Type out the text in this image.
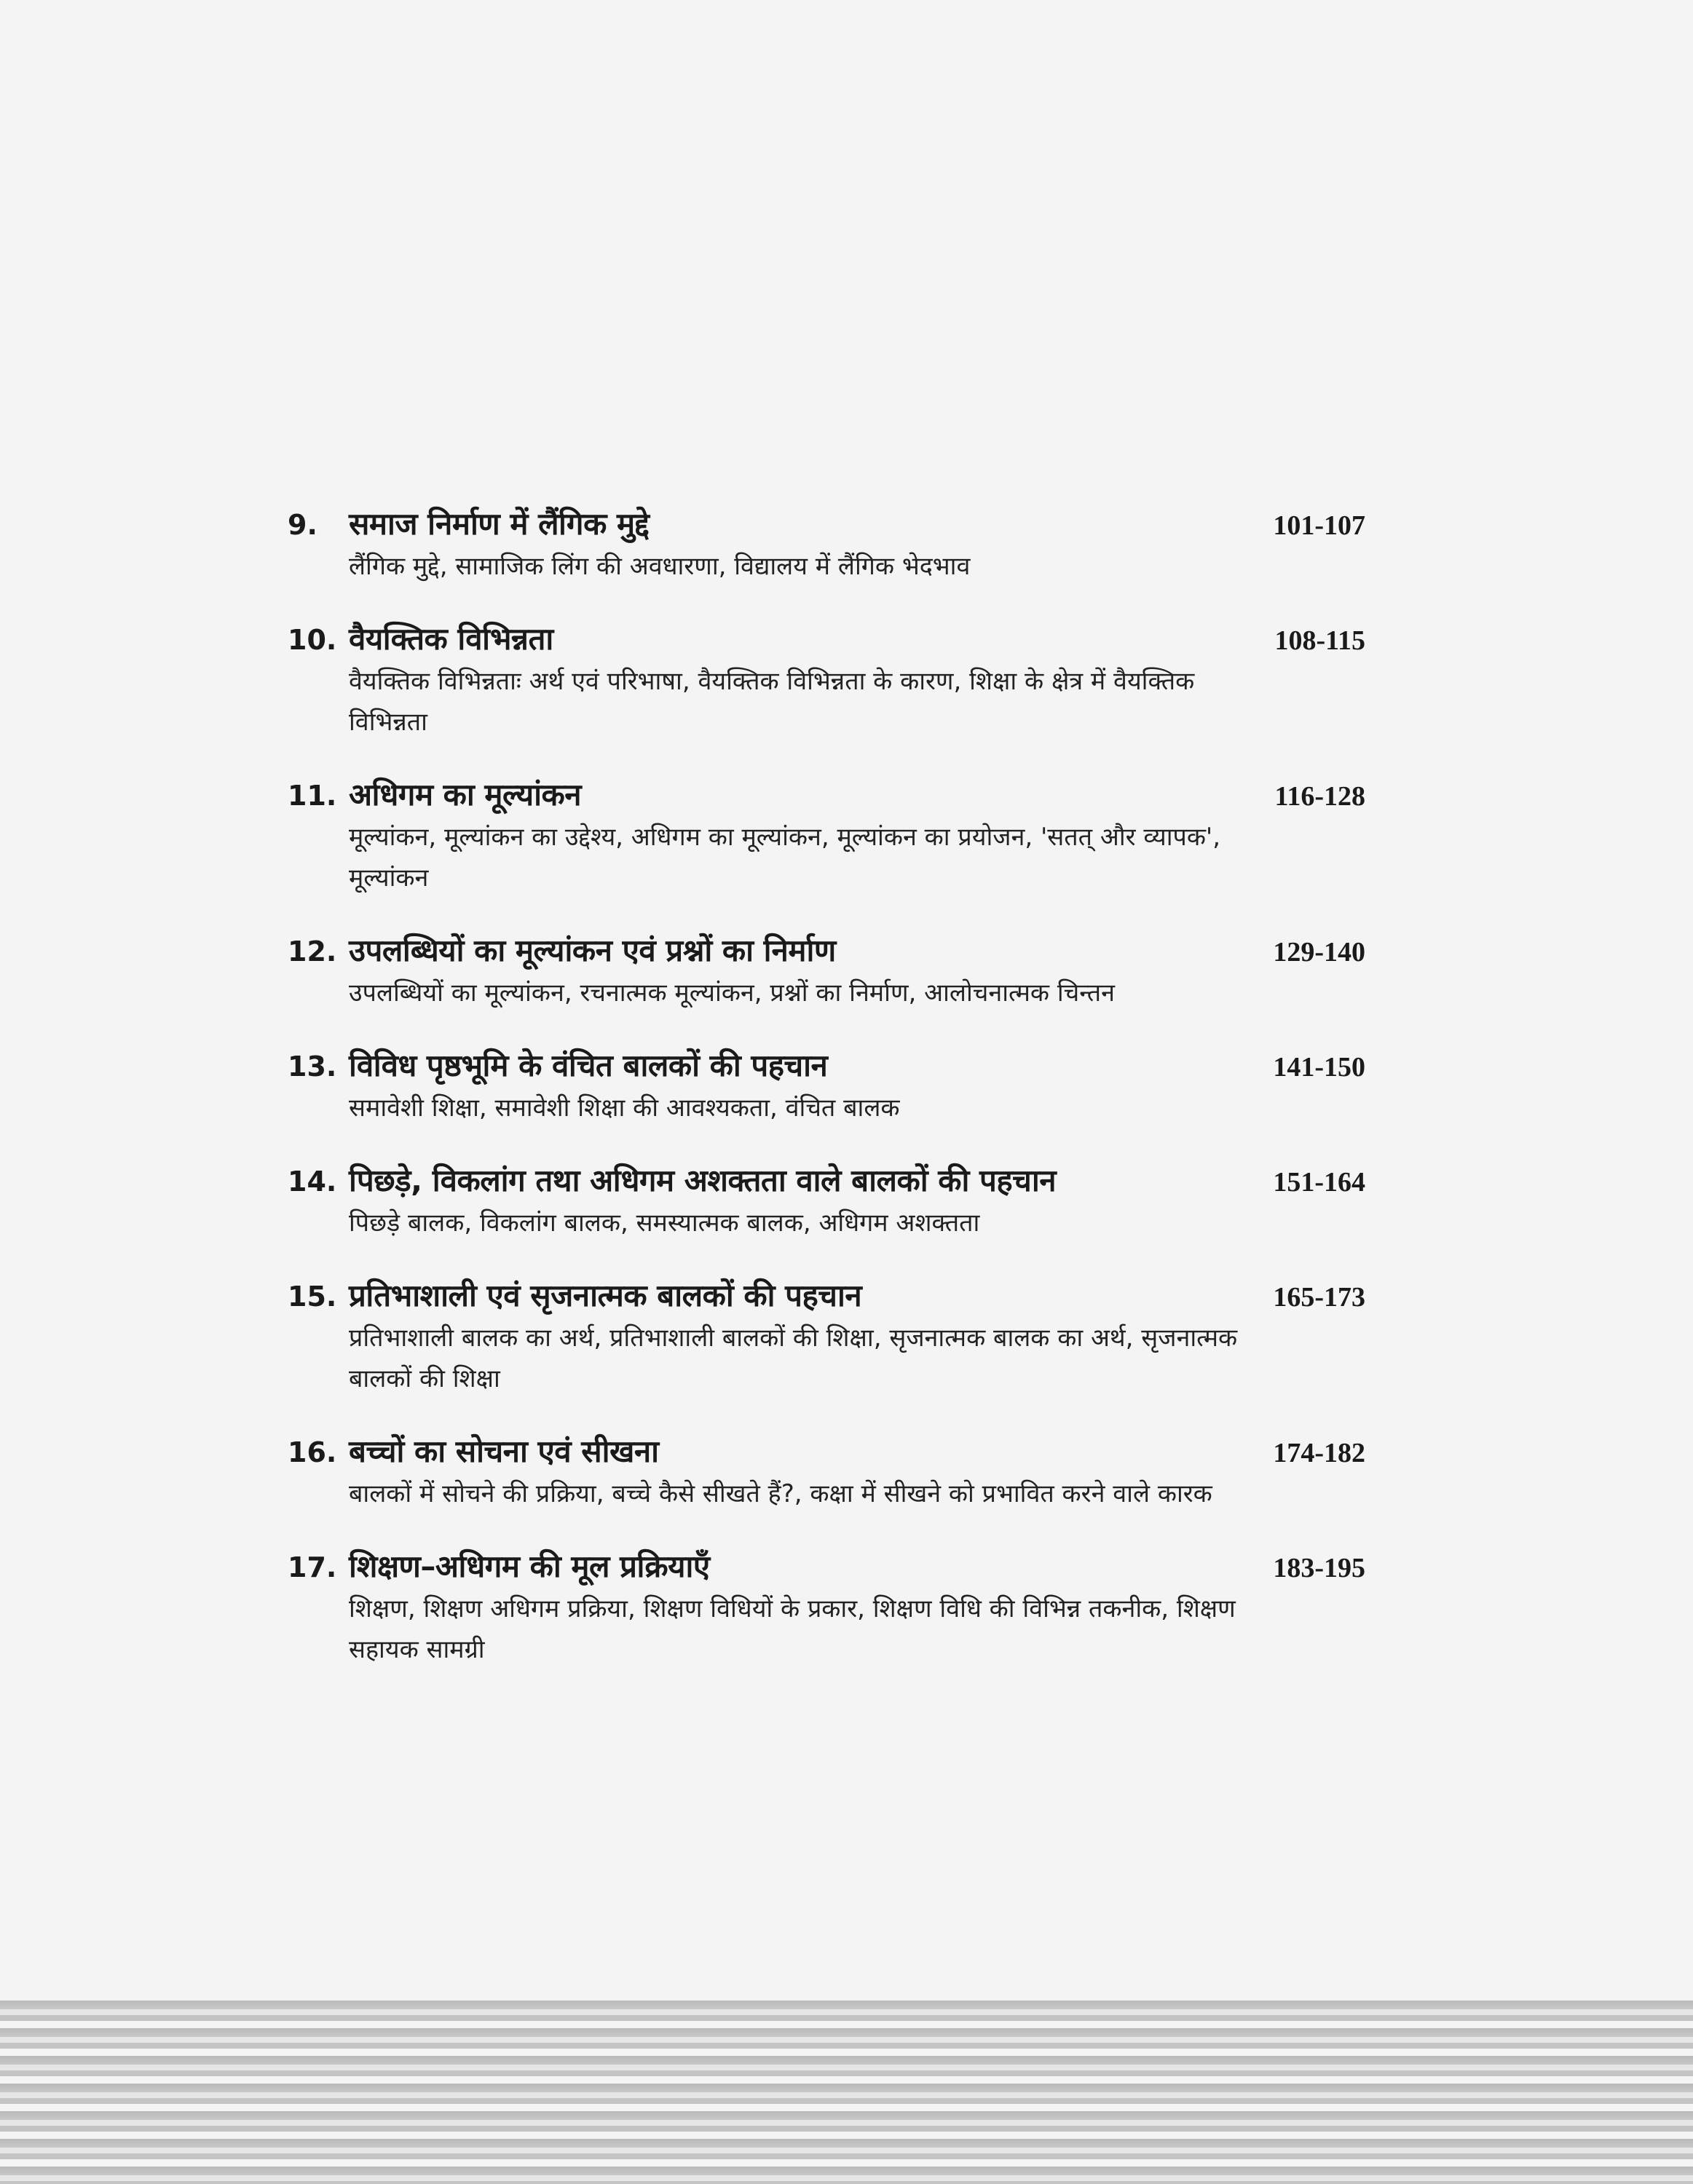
9.	समाज निर्माण में लैंगिक मुद्दे	101-107
लैंगिक मुद्दे, सामाजिक लिंग की अवधारणा, विद्यालय में लैंगिक भेदभाव
10. वैयक्तिक विभिन्नता	108-115
वैयक्तिक विभिन्नताः अर्थ एवं परिभाषा, वैयक्तिक विभिन्नता के कारण, शिक्षा के क्षेत्र में वैयक्तिक विभिन्नता
11. अधिगम का मूल्यांकन	116-128
मूल्यांकन, मूल्यांकन का उद्देश्य, अधिगम का मूल्यांकन, मूल्यांकन का प्रयोजन, 'सतत् और व्यापक', मूल्यांकन
12. उपलब्धियों का मूल्यांकन एवं प्रश्नों का निर्माण	129-140
उपलब्धियों का मूल्यांकन, रचनात्मक मूल्यांकन, प्रश्नों का निर्माण, आलोचनात्मक चिन्तन
13. विविध पृष्ठभूमि के वंचित बालकों की पहचान	141-150
समावेशी शिक्षा, समावेशी शिक्षा की आवश्यकता, वंचित बालक
14. पिछड़े, विकलांग तथा अधिगम अशक्तता वाले बालकों की पहचान	151-164
पिछड़े बालक, विकलांग बालक, समस्यात्मक बालक, अधिगम अशक्तता
15. प्रतिभाशाली एवं सृजनात्मक बालकों की पहचान	165-173
प्रतिभाशाली बालक का अर्थ, प्रतिभाशाली बालकों की शिक्षा, सृजनात्मक बालक का अर्थ, सृजनात्मक बालकों की शिक्षा
16. बच्चों का सोचना एवं सीखना	174-182
बालकों में सोचने की प्रक्रिया, बच्चे कैसे सीखते हैं?, कक्षा में सीखने को प्रभावित करने वाले कारक
17. शिक्षण–अधिगम की मूल प्रक्रियाएँ	183-195
शिक्षण, शिक्षण अधिगम प्रक्रिया, शिक्षण विधियों के प्रकार, शिक्षण विधि की विभिन्न तकनीक, शिक्षण सहायक सामग्री
